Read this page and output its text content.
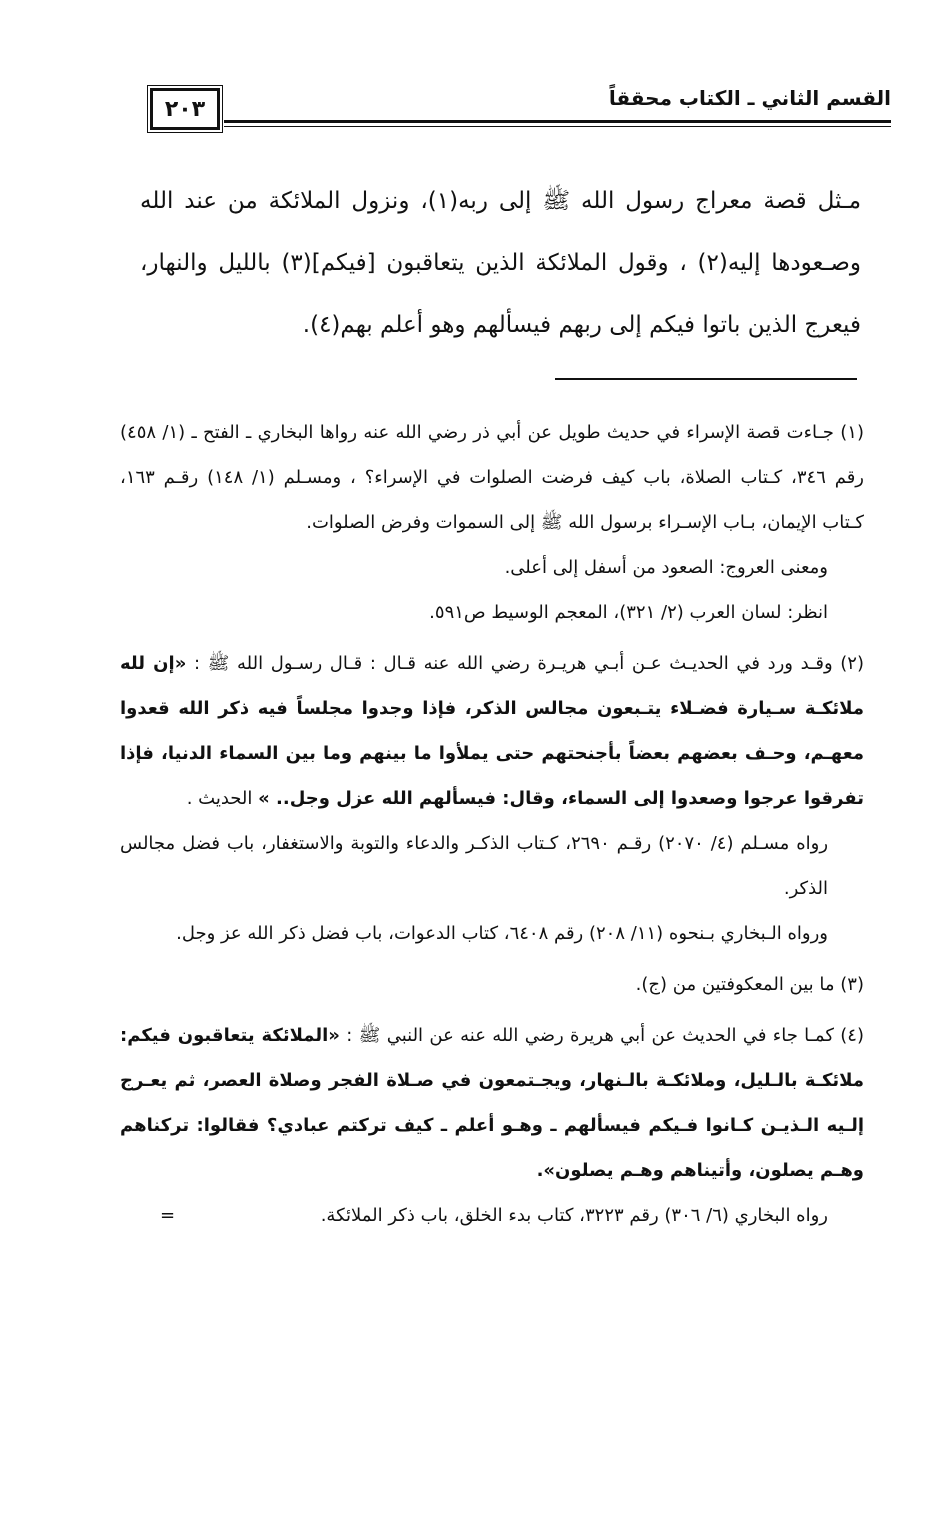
٢٠٣	القسم الثاني ـ الكتاب محققاً
مـثل قصة معراج رسول الله ﷺ إلى ربه(١)، ونزول الملائكة من عند الله وصـعودها إليه(٢) ، وقول الملائكة الذين يتعاقبون [فيكم](٣) بالليل والنهار، فيعرج الذين باتوا فيكم إلى ربهم فيسألهم وهو أعلم بهم(٤).

(١) جـاءت قصة الإسراء في حديث طويل عن أبي ذر رضي الله عنه رواها البخاري ـ الفتح ـ (١/ ٤٥٨) رقم ٣٤٦، كـتاب الصلاة، باب كيف فرضت الصلوات في الإسراء؟ ، ومسـلم (١/ ١٤٨) رقـم ١٦٣، كـتاب الإيمان، بـاب الإسـراء برسول الله ﷺ إلى السموات وفرض الصلوات.

ومعنى العروج: الصعود من أسفل إلى أعلى.

انظر: لسان العرب (٢/ ٣٢١)، المعجم الوسيط ص٥٩١.

(٢) وقـد ورد في الحديـث عـن أبـي هريـرة رضي الله عنه قـال : قـال رسـول الله ﷺ : «إن لله ملائكـة سـيارة فضـلاء يتـبعون مجالس الذكر، فإذا وجدوا مجلساً فيه ذكر الله قعدوا معهـم، وحـف بعضهم بعضاً بأجنحتهم حتى يملأوا ما بينهم وما بين السماء الدنيا، فإذا تفرقوا عرجوا وصعدوا إلى السماء، وقال: فيسألهم الله عزل وجل.. » الحديث .

رواه مسـلم (٤/ ٢٠٧٠) رقـم ٢٦٩٠، كـتاب الذكـر والدعاء والتوبة والاستغفار، باب فضل مجالس الذكر.

ورواه الـبخاري بـنحوه (١١/ ٢٠٨) رقم ٦٤٠٨، كتاب الدعوات، باب فضل ذكر الله عز وجل.

(٣) ما بين المعكوفتين من (ج).

(٤) كمـا جاء في الحديث عن أبي هريرة رضي الله عنه عن النبي ﷺ : «الملائكة يتعاقبون فيكم: ملائكـة بالـليل، وملائكـة بالـنهار، ويجـتمعون في صـلاة الفجر وصلاة العصر، ثم يعـرج إلـيه الـذيـن كـانوا فـيكم فيسألهم ـ وهـو أعلم ـ كيف تركتم عبادي؟ فقالوا: تركناهم وهـم يصلون، وأتيناهم وهـم يصلون».

رواه البخاري (٦/ ٣٠٦) رقم ٣٢٢٣، كتاب بدء الخلق، باب ذكر الملائكة.

=
